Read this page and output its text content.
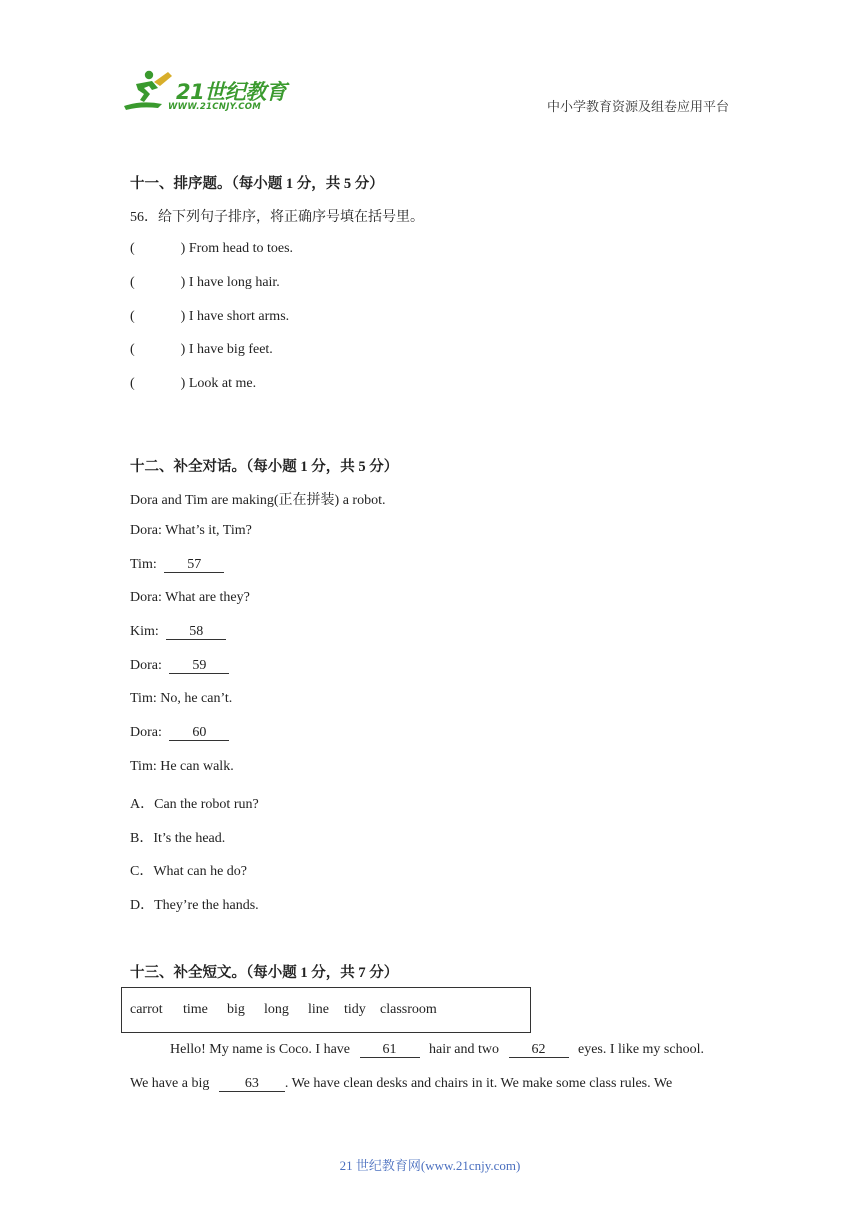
21世纪教育
WWW.21CNJY.COM	中小学教育资源及组卷应用平台
十一、排序题。（每小题 1 分，共 5 分）
56．给下列句子排序，将正确序号填在括号里。
(	) From head to toes.
(	) I have long hair.
(	) I have short arms.
(	) I have big feet.
(	) Look at me.
十二、补全对话。（每小题 1 分，共 5 分）
Dora and Tim are making(正在拼装) a robot.
Dora: What’s it, Tim?
Tim: 57
Dora: What are they?
Kim: 58
Dora: 59
Tim: No, he can’t.
Dora: 60
Tim: He can walk.
A．Can the robot run?
B．It’s the head.
C．What can he do?
D．They’re the hands.
十三、补全短文。（每小题 1 分，共 7 分）
carrot time big long line tidy classroom
Hello! My name is Coco. I have 61 hair and two 62 eyes. I like my school.
We have a big	63 . We have clean desks and chairs in it. We make some class rules. We
21 世纪教育网(www.21cnjy.com)
